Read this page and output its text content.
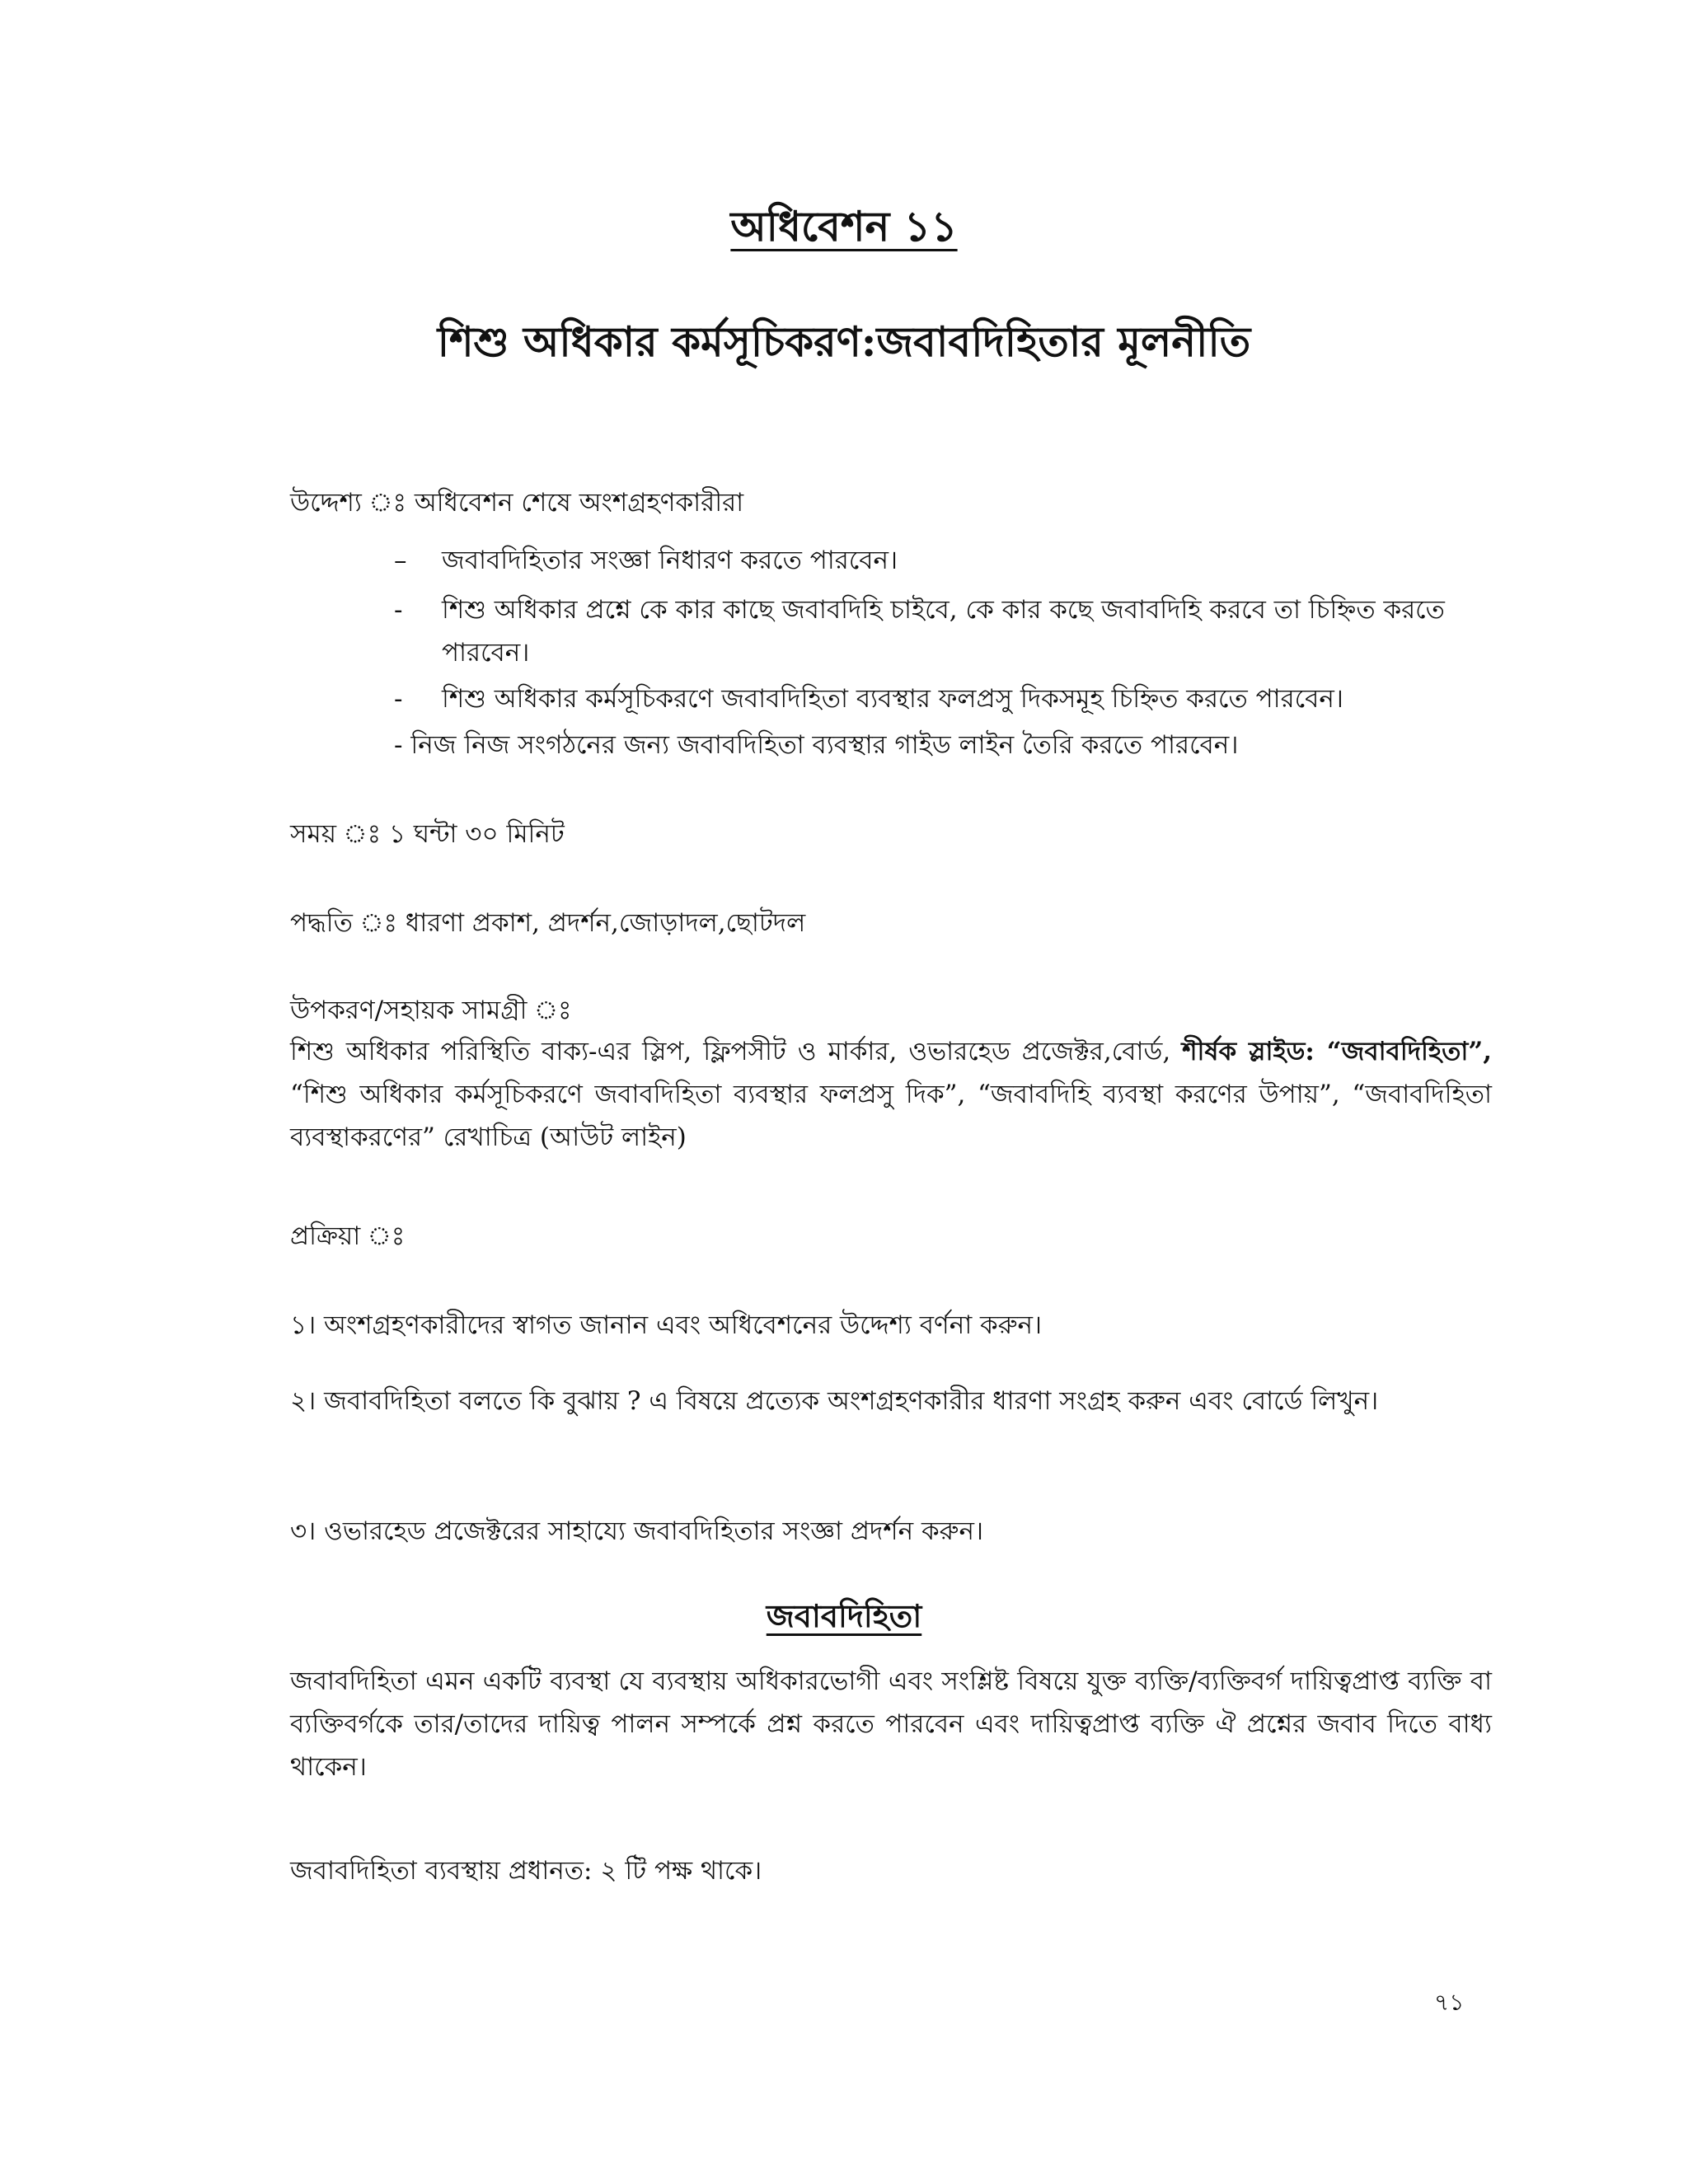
অধিবেশন ১১
শিশু অধিকার কর্মসূচিকরণ:জবাবদিহিতার মূলনীতি
উদ্দেশ্য ঃ অধিবেশন শেষে অংশগ্রহণকারীরা
–	জবাবদিহিতার সংজ্ঞা নিধারণ করতে পারবেন।
-	শিশু অধিকার প্রশ্নে কে কার কাছে জবাবদিহি চাইবে, কে কার কছে জবাবদিহি করবে তা চিহ্নিত করতে পারবেন।
-	শিশু অধিকার কর্মসূচিকরণে জবাবদিহিতা ব্যবস্থার ফলপ্রসু দিকসমূহ চিহ্নিত করতে পারবেন।
- নিজ নিজ সংগঠনের জন্য জবাবদিহিতা ব্যবস্থার গাইড লাইন তৈরি করতে পারবেন।
সময় ঃ ১ ঘন্টা ৩০ মিনিট
পদ্ধতি ঃ ধারণা প্রকাশ, প্রদর্শন,জোড়াদল,ছোটদল
উপকরণ/সহায়ক সামগ্রী ঃ
শিশু অধিকার পরিস্থিতি বাক্য-এর স্লিপ, ফ্লিপসীট ও মার্কার, ওভারহেড প্রজেক্টর,বোর্ড, শীর্ষক স্লাইড: “জবাবদিহিতা”, “শিশু অধিকার কর্মসূচিকরণে জবাবদিহিতা ব্যবস্থার ফলপ্রসু দিক”, “জবাবদিহি ব্যবস্থা করণের উপায়”, “জবাবদিহিতা ব্যবস্থাকরণের” রেখাচিত্র (আউট লাইন)
প্রক্রিয়া ঃ
১। অংশগ্রহণকারীদের স্বাগত জানান এবং অধিবেশনের উদ্দেশ্য বর্ণনা করুন।
২। জবাবদিহিতা বলতে কি বুঝায় ? এ বিষয়ে প্রত্যেক অংশগ্রহণকারীর ধারণা সংগ্রহ করুন এবং বোর্ডে লিখুন।
৩। ওভারহেড প্রজেক্টরের সাহায্যে জবাবদিহিতার সংজ্ঞা প্রদর্শন করুন।
জবাবদিহিতা
জবাবদিহিতা এমন একটি ব্যবস্থা যে ব্যবস্থায় অধিকারভোগী এবং সংশ্লিষ্ট বিষয়ে যুক্ত ব্যক্তি/ব্যক্তিবর্গ দায়িত্বপ্রাপ্ত ব্যক্তি বা ব্যক্তিবর্গকে তার/তাদের দায়িত্ব পালন সম্পর্কে প্রশ্ন করতে পারবেন এবং দায়িত্বপ্রাপ্ত ব্যক্তি ঐ প্রশ্নের জবাব দিতে বাধ্য থাকেন।
জবাবদিহিতা ব্যবস্থায় প্রধানত: ২ টি পক্ষ থাকে।
৭১
